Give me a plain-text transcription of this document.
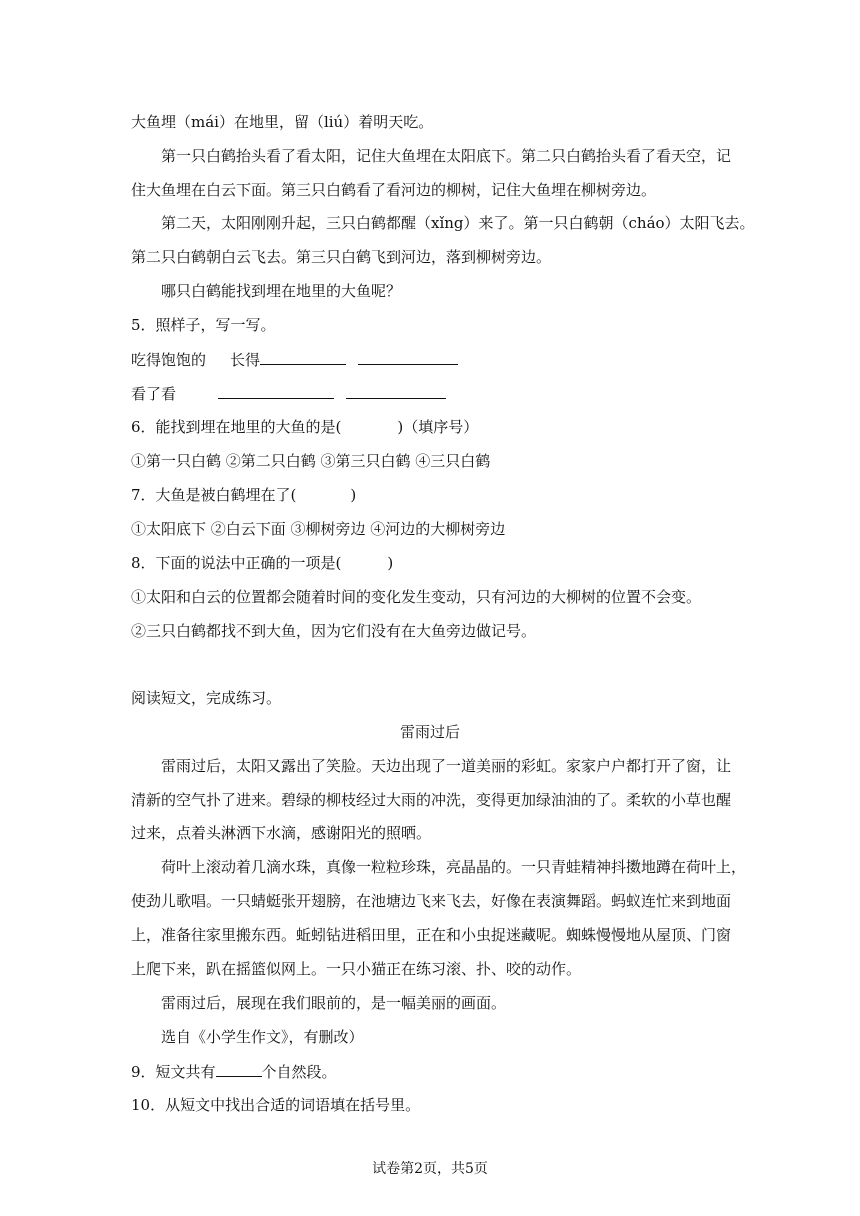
大鱼埋（mái）在地里，留（liú）着明天吃。
第一只白鹤抬头看了看太阳，记住大鱼埋在太阳底下。第二只白鹤抬头看了看天空，记
住大鱼埋在白云下面。第三只白鹤看了看河边的柳树，记住大鱼埋在柳树旁边。
第二天，太阳刚刚升起，三只白鹤都醒（xǐng）来了。第一只白鹤朝（cháo）太阳飞去。
第二只白鹤朝白云飞去。第三只白鹤飞到河边，落到柳树旁边。
哪只白鹤能找到埋在地里的大鱼呢？
5．照样子，写一写。
吃得饱饱的 长得
看了看
6．能找到埋在地里的大鱼的是(	)（填序号）
①第一只白鹤 ②第二只白鹤 ③第三只白鹤 ④三只白鹤
7．大鱼是被白鹤埋在了(	)
①太阳底下 ②白云下面 ③柳树旁边 ④河边的大柳树旁边
8．下面的说法中正确的一项是(	)
①太阳和白云的位置都会随着时间的变化发生变动，只有河边的大柳树的位置不会变。
②三只白鹤都找不到大鱼，因为它们没有在大鱼旁边做记号。
阅读短文，完成练习。
雷雨过后
雷雨过后，太阳又露出了笑脸。天边出现了一道美丽的彩虹。家家户户都打开了窗，让
清新的空气扑了进来。碧绿的柳枝经过大雨的冲洗，变得更加绿油油的了。柔软的小草也醒
过来，点着头淋洒下水滴，感谢阳光的照晒。
荷叶上滚动着几滴水珠，真像一粒粒珍珠，亮晶晶的。一只青蛙精神抖擞地蹲在荷叶上，
使劲儿歌唱。一只蜻蜓张开翅膀，在池塘边飞来飞去，好像在表演舞蹈。蚂蚁连忙来到地面
上，准备往家里搬东西。蚯蚓钻进稻田里，正在和小虫捉迷藏呢。蜘蛛慢慢地从屋顶、门窗
上爬下来，趴在摇篮似网上。一只小猫正在练习滚、扑、咬的动作。
雷雨过后，展现在我们眼前的，是一幅美丽的画面。
选自《小学生作文》，有删改）
9．短文共有	个自然段。
10．从短文中找出合适的词语填在括号里。
试卷第2页，共5页
